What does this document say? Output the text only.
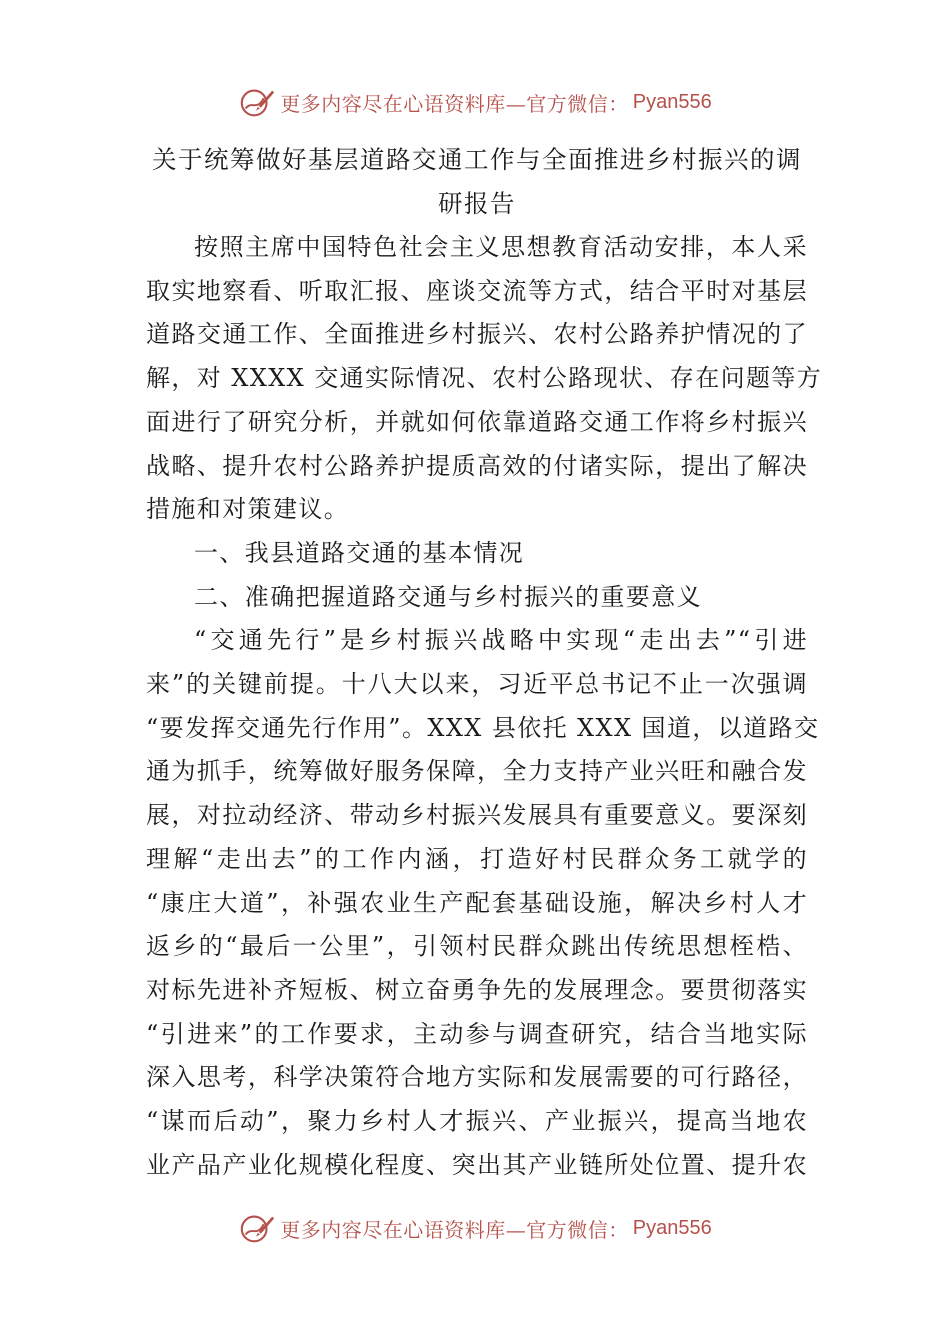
更多内容尽在心语资料库—官方微信： Pyan556
关于统筹做好基层道路交通工作与全面推进乡村振兴的调
研报告

按照主席中国特色社会主义思想教育活动安排，本人采
取实地察看、听取汇报、座谈交流等方式，结合平时对基层
道路交通工作、全面推进乡村振兴、农村公路养护情况的了
解，对 XXXX 交通实际情况、农村公路现状、存在问题等方
面进行了研究分析，并就如何依靠道路交通工作将乡村振兴
战略、提升农村公路养护提质高效的付诸实际，提出了解决
措施和对策建议。

一、我县道路交通的基本情况

二、准确把握道路交通与乡村振兴的重要意义

“交通先行”是乡村振兴战略中实现“走出去”“引进
来”的关键前提。十八大以来，习近平总书记不止一次强调
“要发挥交通先行作用”。XXX 县依托 XXX 国道，以道路交
通为抓手，统筹做好服务保障，全力支持产业兴旺和融合发
展，对拉动经济、带动乡村振兴发展具有重要意义。要深刻
理解“走出去”的工作内涵，打造好村民群众务工就学的
“康庄大道”，补强农业生产配套基础设施，解决乡村人才
返乡的“最后一公里”，引领村民群众跳出传统思想桎梏、
对标先进补齐短板、树立奋勇争先的发展理念。要贯彻落实
“引进来”的工作要求，主动参与调查研究，结合当地实际
深入思考，科学决策符合地方实际和发展需要的可行路径，
“谋而后动”，聚力乡村人才振兴、产业振兴，提高当地农
业产品产业化规模化程度、突出其产业链所处位置、提升农

更多内容尽在心语资料库—官方微信： Pyan556
